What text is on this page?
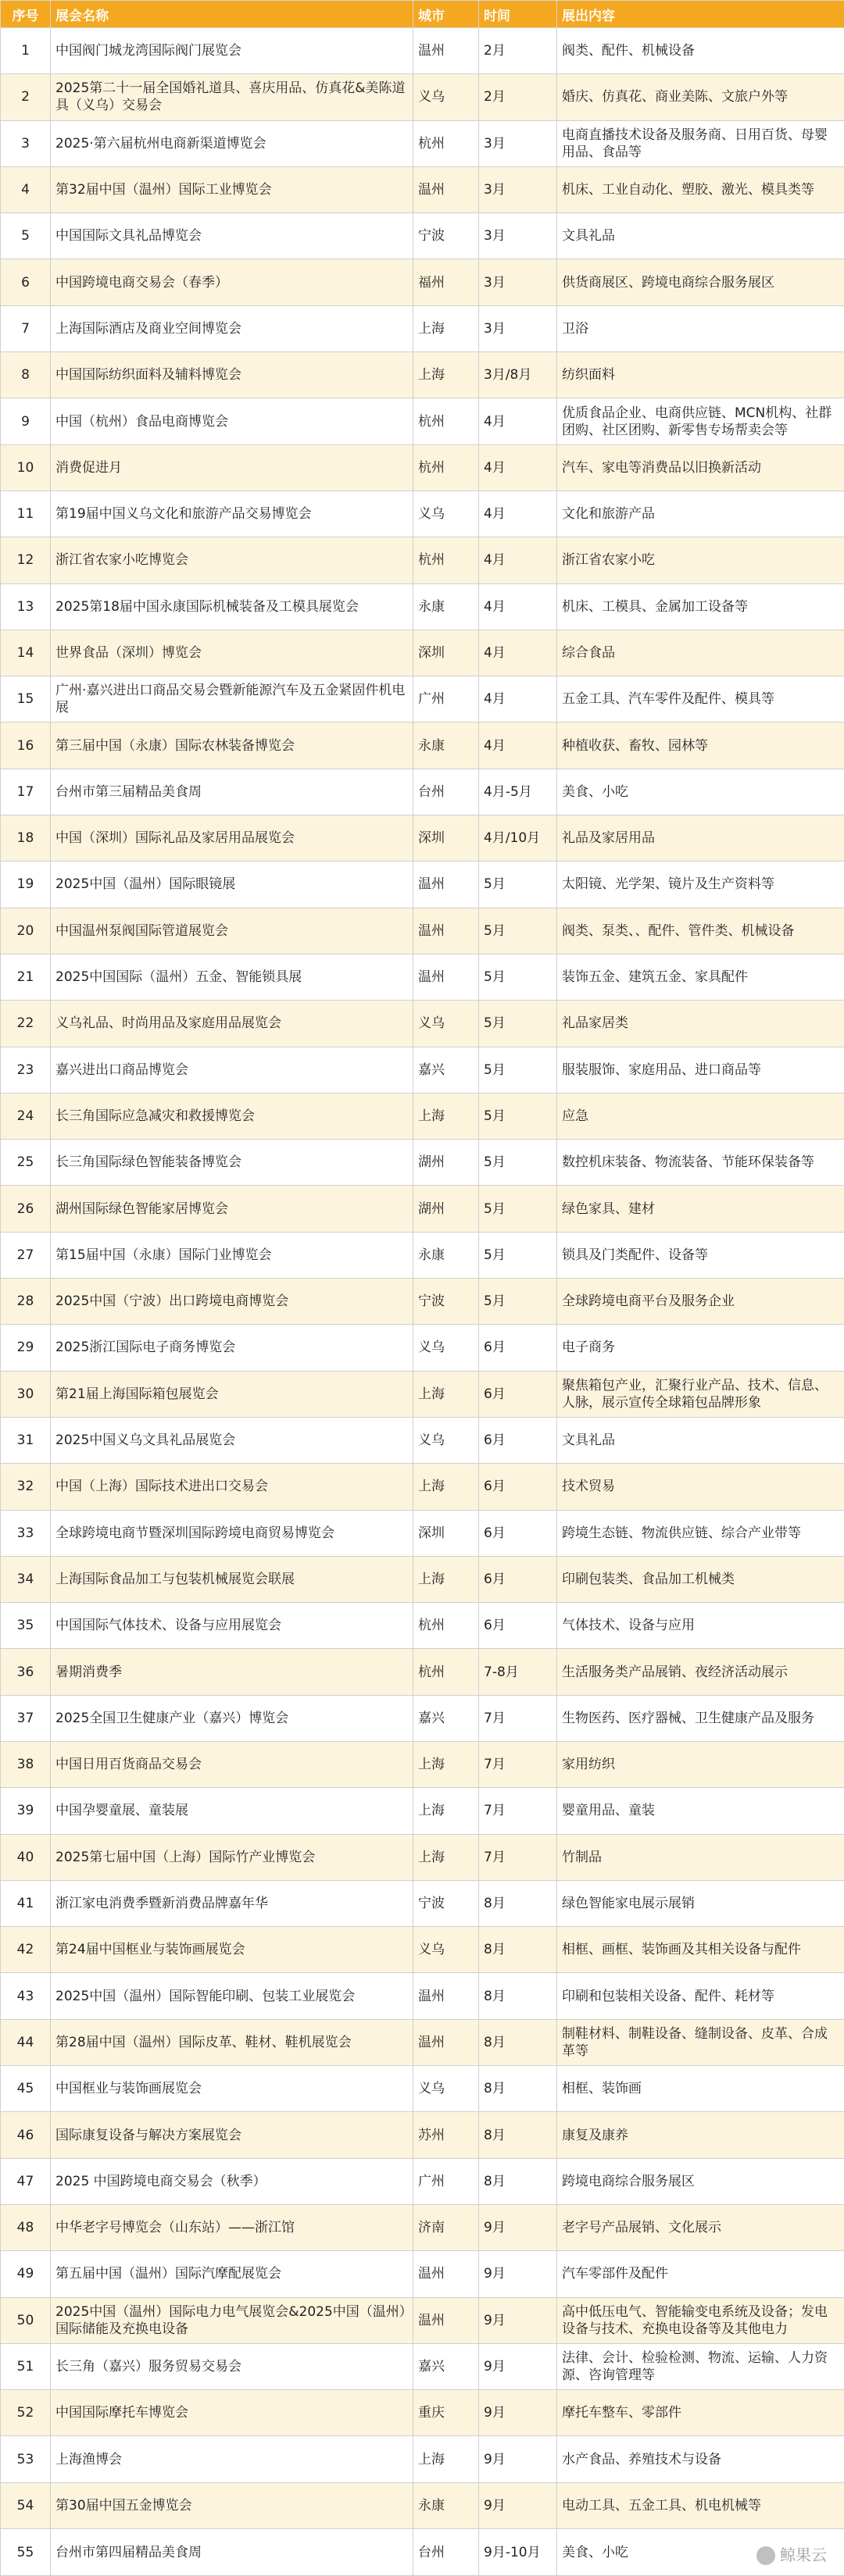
序号	展会名称	城市	时间	展出内容
1	中国阀门城龙湾国际阀门展览会	温州	2月	阀类、配件、机械设备
2	2025第二十一届全国婚礼道具、喜庆用品、仿真花&美陈道具（义乌）交易会	义乌	2月	婚庆、仿真花、商业美陈、文旅户外等
3	2025·第六届杭州电商新渠道博览会	杭州	3月	电商直播技术设备及服务商、日用百货、母婴用品、食品等
4	第32届中国（温州）国际工业博览会	温州	3月	机床、工业自动化、塑胶、激光、模具类等
5	中国国际文具礼品博览会	宁波	3月	文具礼品
6	中国跨境电商交易会（春季）	福州	3月	供货商展区、跨境电商综合服务展区
7	上海国际酒店及商业空间博览会	上海	3月	卫浴
8	中国国际纺织面料及辅料博览会	上海	3月/8月	纺织面料
9	中国（杭州）食品电商博览会	杭州	4月	优质食品企业、电商供应链、MCN机构、社群团购、社区团购、新零售专场帮卖会等
10	消费促进月	杭州	4月	汽车、家电等消费品以旧换新活动
11	第19届中国义乌文化和旅游产品交易博览会	义乌	4月	文化和旅游产品
12	浙江省农家小吃博览会	杭州	4月	浙江省农家小吃
13	2025第18届中国永康国际机械装备及工模具展览会	永康	4月	机床、工模具、金属加工设备等
14	世界食品（深圳）博览会	深圳	4月	综合食品
15	广州·嘉兴进出口商品交易会暨新能源汽车及五金紧固件机电展	广州	4月	五金工具、汽车零件及配件、模具等
16	第三届中国（永康）国际农林装备博览会	永康	4月	种植收获、畜牧、园林等
17	台州市第三届精品美食周	台州	4月-5月	美食、小吃
18	中国（深圳）国际礼品及家居用品展览会	深圳	4月/10月	礼品及家居用品
19	2025中国（温州）国际眼镜展	温州	5月	太阳镜、光学架、镜片及生产资料等
20	中国温州泵阀国际管道展览会	温州	5月	阀类、泵类、、配件、管件类、机械设备
21	2025中国国际（温州）五金、智能锁具展	温州	5月	装饰五金、建筑五金、家具配件
22	义乌礼品、时尚用品及家庭用品展览会	义乌	5月	礼品家居类
23	嘉兴进出口商品博览会	嘉兴	5月	服装服饰、家庭用品、进口商品等
24	长三角国际应急减灾和救援博览会	上海	5月	应急
25	长三角国际绿色智能装备博览会	湖州	5月	数控机床装备、物流装备、节能环保装备等
26	湖州国际绿色智能家居博览会	湖州	5月	绿色家具、建材
27	第15届中国（永康）国际门业博览会	永康	5月	锁具及门类配件、设备等
28	2025中国（宁波）出口跨境电商博览会	宁波	5月	全球跨境电商平台及服务企业
29	2025浙江国际电子商务博览会	义乌	6月	电子商务
30	第21届上海国际箱包展览会	上海	6月	聚焦箱包产业，汇聚行业产品、技术、信息、人脉，展示宣传全球箱包品牌形象
31	2025中国义乌文具礼品展览会	义乌	6月	文具礼品
32	中国（上海）国际技术进出口交易会	上海	6月	技术贸易
33	全球跨境电商节暨深圳国际跨境电商贸易博览会	深圳	6月	跨境生态链、物流供应链、综合产业带等
34	上海国际食品加工与包装机械展览会联展	上海	6月	印刷包装类、食品加工机械类
35	中国国际气体技术、设备与应用展览会	杭州	6月	气体技术、设备与应用
36	暑期消费季	杭州	7-8月	生活服务类产品展销、夜经济活动展示
37	2025全国卫生健康产业（嘉兴）博览会	嘉兴	7月	生物医药、医疗器械、卫生健康产品及服务
38	中国日用百货商品交易会	上海	7月	家用纺织
39	中国孕婴童展、童装展	上海	7月	婴童用品、童装
40	2025第七届中国（上海）国际竹产业博览会	上海	7月	竹制品
41	浙江家电消费季暨新消费品牌嘉年华	宁波	8月	绿色智能家电展示展销
42	第24届中国框业与装饰画展览会	义乌	8月	相框、画框、装饰画及其相关设备与配件
43	2025中国（温州）国际智能印刷、包装工业展览会	温州	8月	印刷和包装相关设备、配件、耗材等
44	第28届中国（温州）国际皮革、鞋材、鞋机展览会	温州	8月	制鞋材料、制鞋设备、缝制设备、皮革、合成革等
45	中国框业与装饰画展览会	义乌	8月	相框、装饰画
46	国际康复设备与解决方案展览会	苏州	8月	康复及康养
47	2025 中国跨境电商交易会（秋季）	广州	8月	跨境电商综合服务展区
48	中华老字号博览会（山东站）——浙江馆	济南	9月	老字号产品展销、文化展示
49	第五届中国（温州）国际汽摩配展览会	温州	9月	汽车零部件及配件
50	2025中国（温州）国际电力电气展览会&2025中国（温州）国际储能及充换电设备	温州	9月	高中低压电气、智能输变电系统及设备；发电设备与技术、充换电设备等及其他电力
51	长三角（嘉兴）服务贸易交易会	嘉兴	9月	法律、会计、检验检测、物流、运输、人力资源、咨询管理等
52	中国国际摩托车博览会	重庆	9月	摩托车整车、零部件
53	上海渔博会	上海	9月	水产食品、养殖技术与设备
54	第30届中国五金博览会	永康	9月	电动工具、五金工具、机电机械等
55	台州市第四届精品美食周	台州	9月-10月	美食、小吃	鲸果云
